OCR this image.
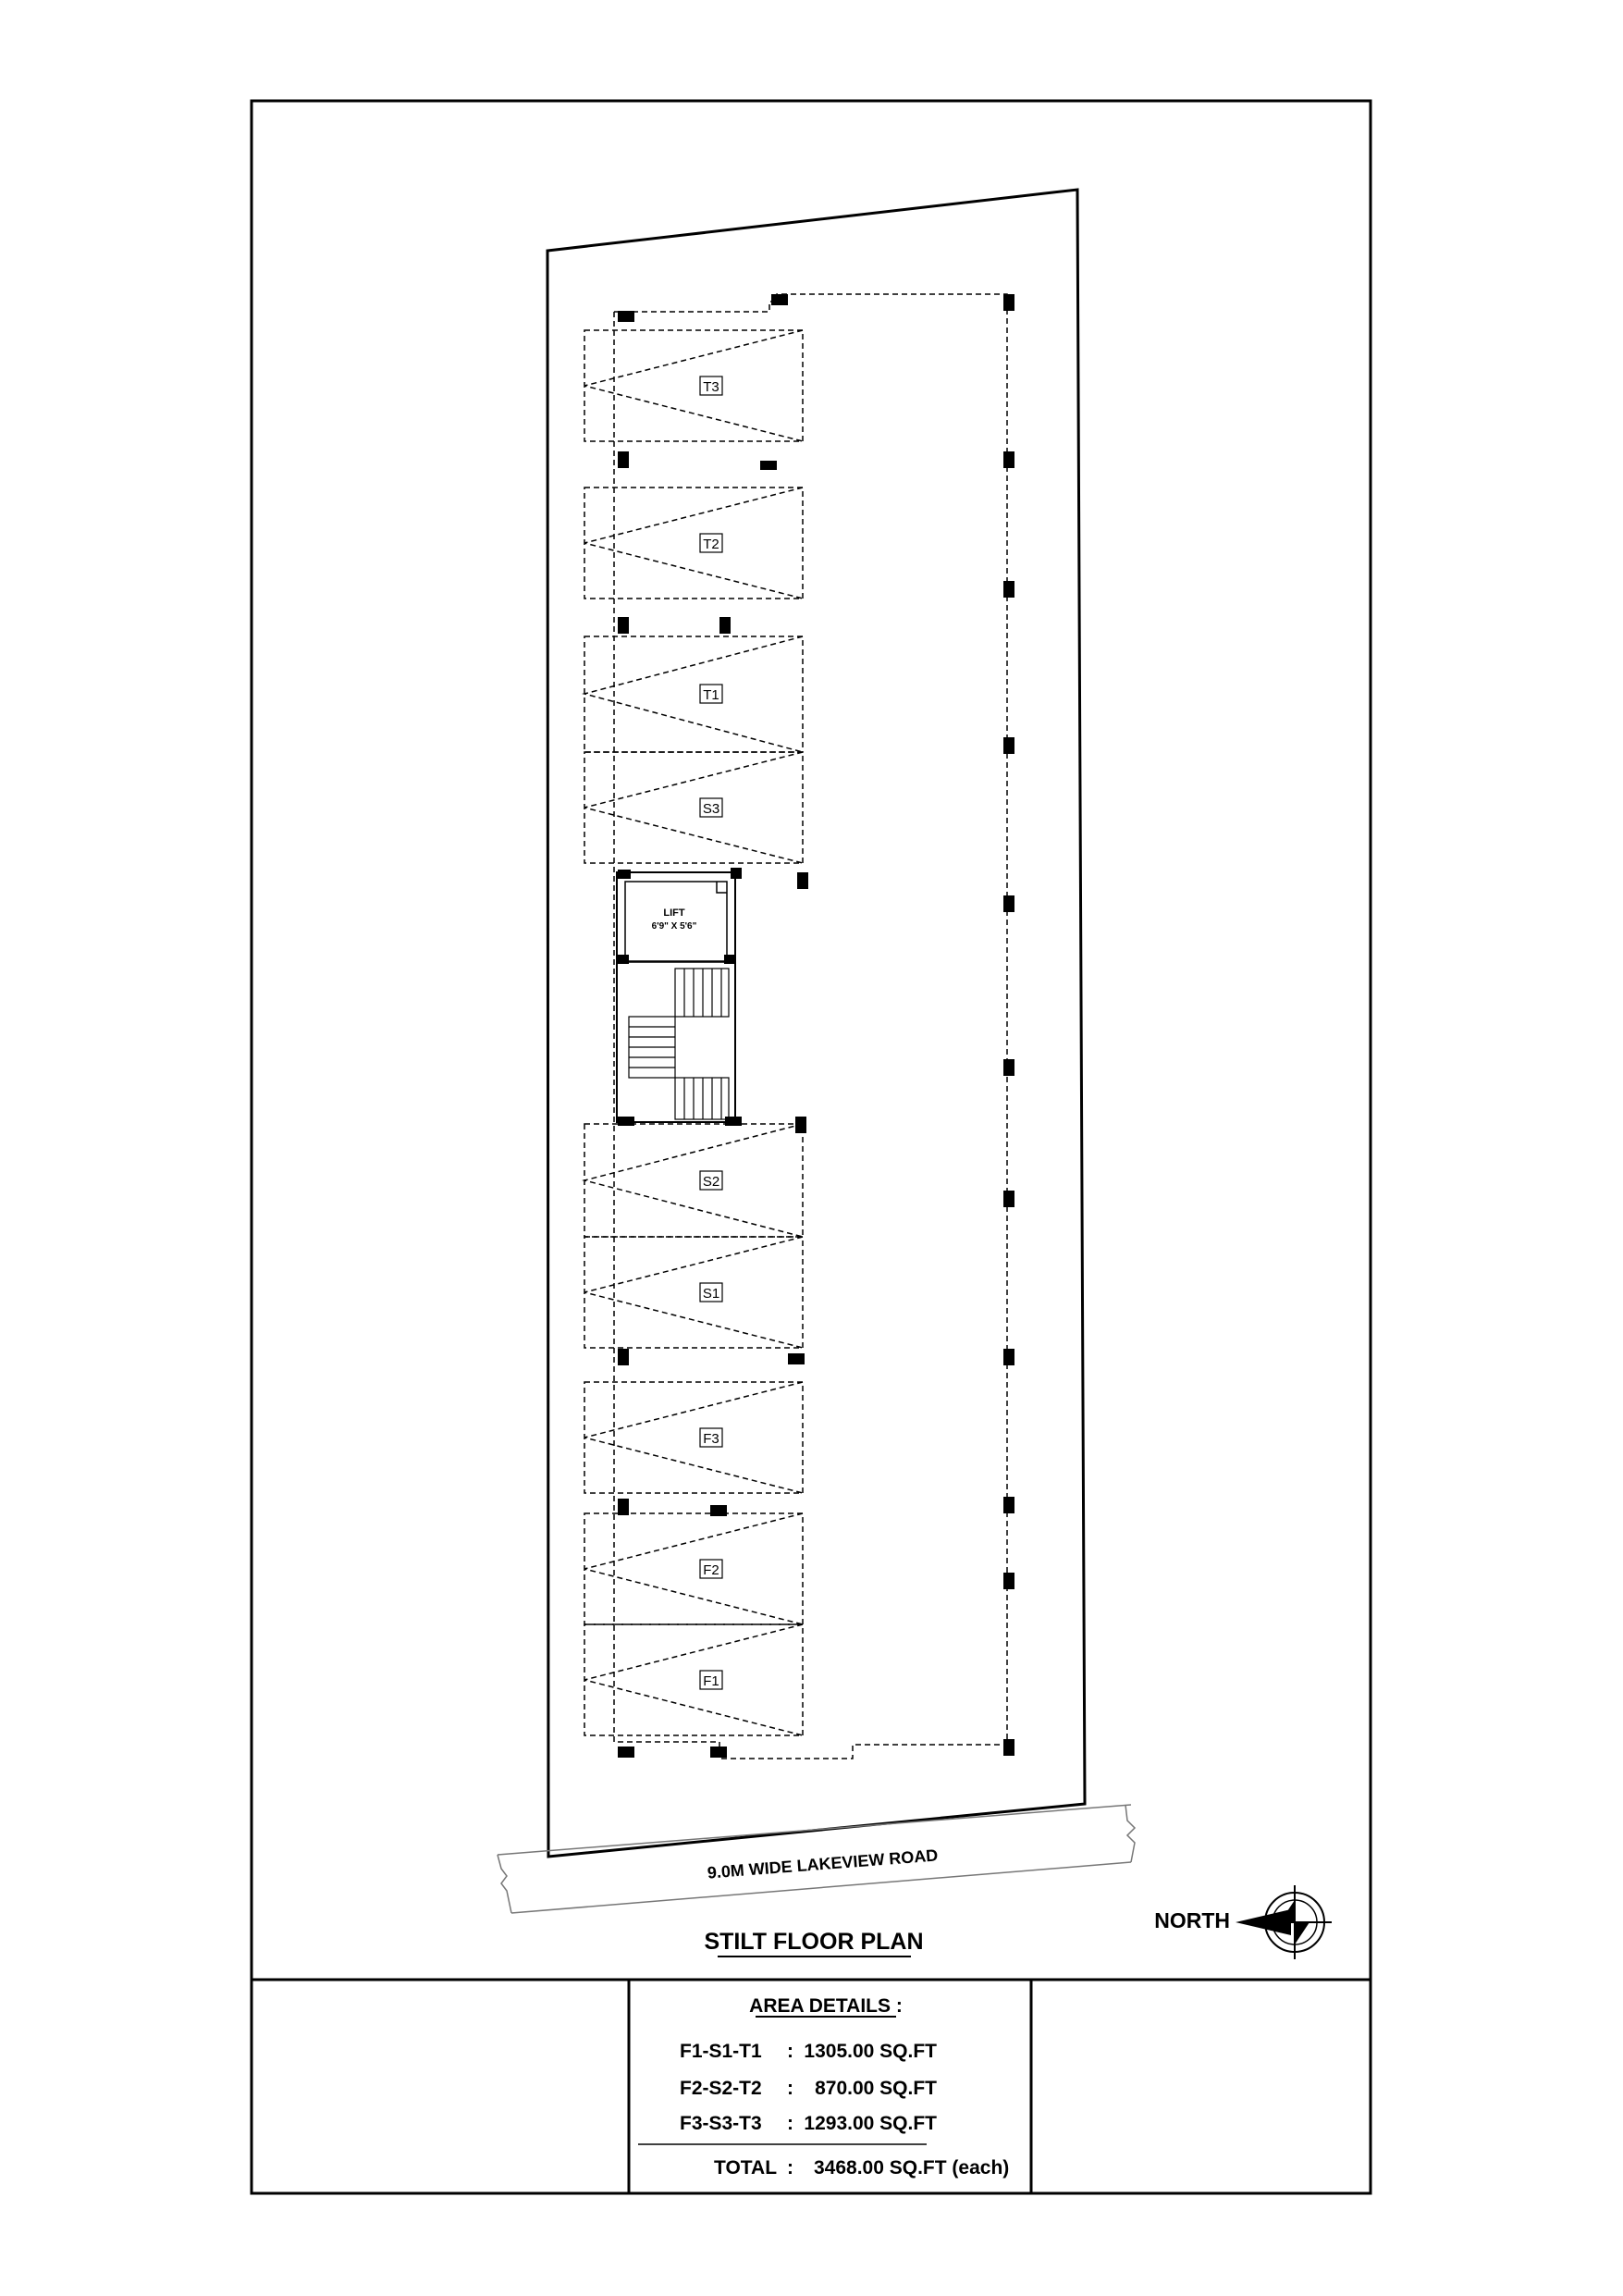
9.0M WIDE LAKEVIEW ROAD
T3
T2
T1
S3
S2
S1
F3
F2
F1
LIFT
6'9" X 5'6"
STILT FLOOR PLAN
NORTH
AREA DETAILS :
F1-S1-T1 : 1305.00 SQ.FT
F2-S2-T2 : 870.00 SQ.FT
F3-S3-T3 : 1293.00 SQ.FT
TOTAL : 3468.00 SQ.FT (each)
